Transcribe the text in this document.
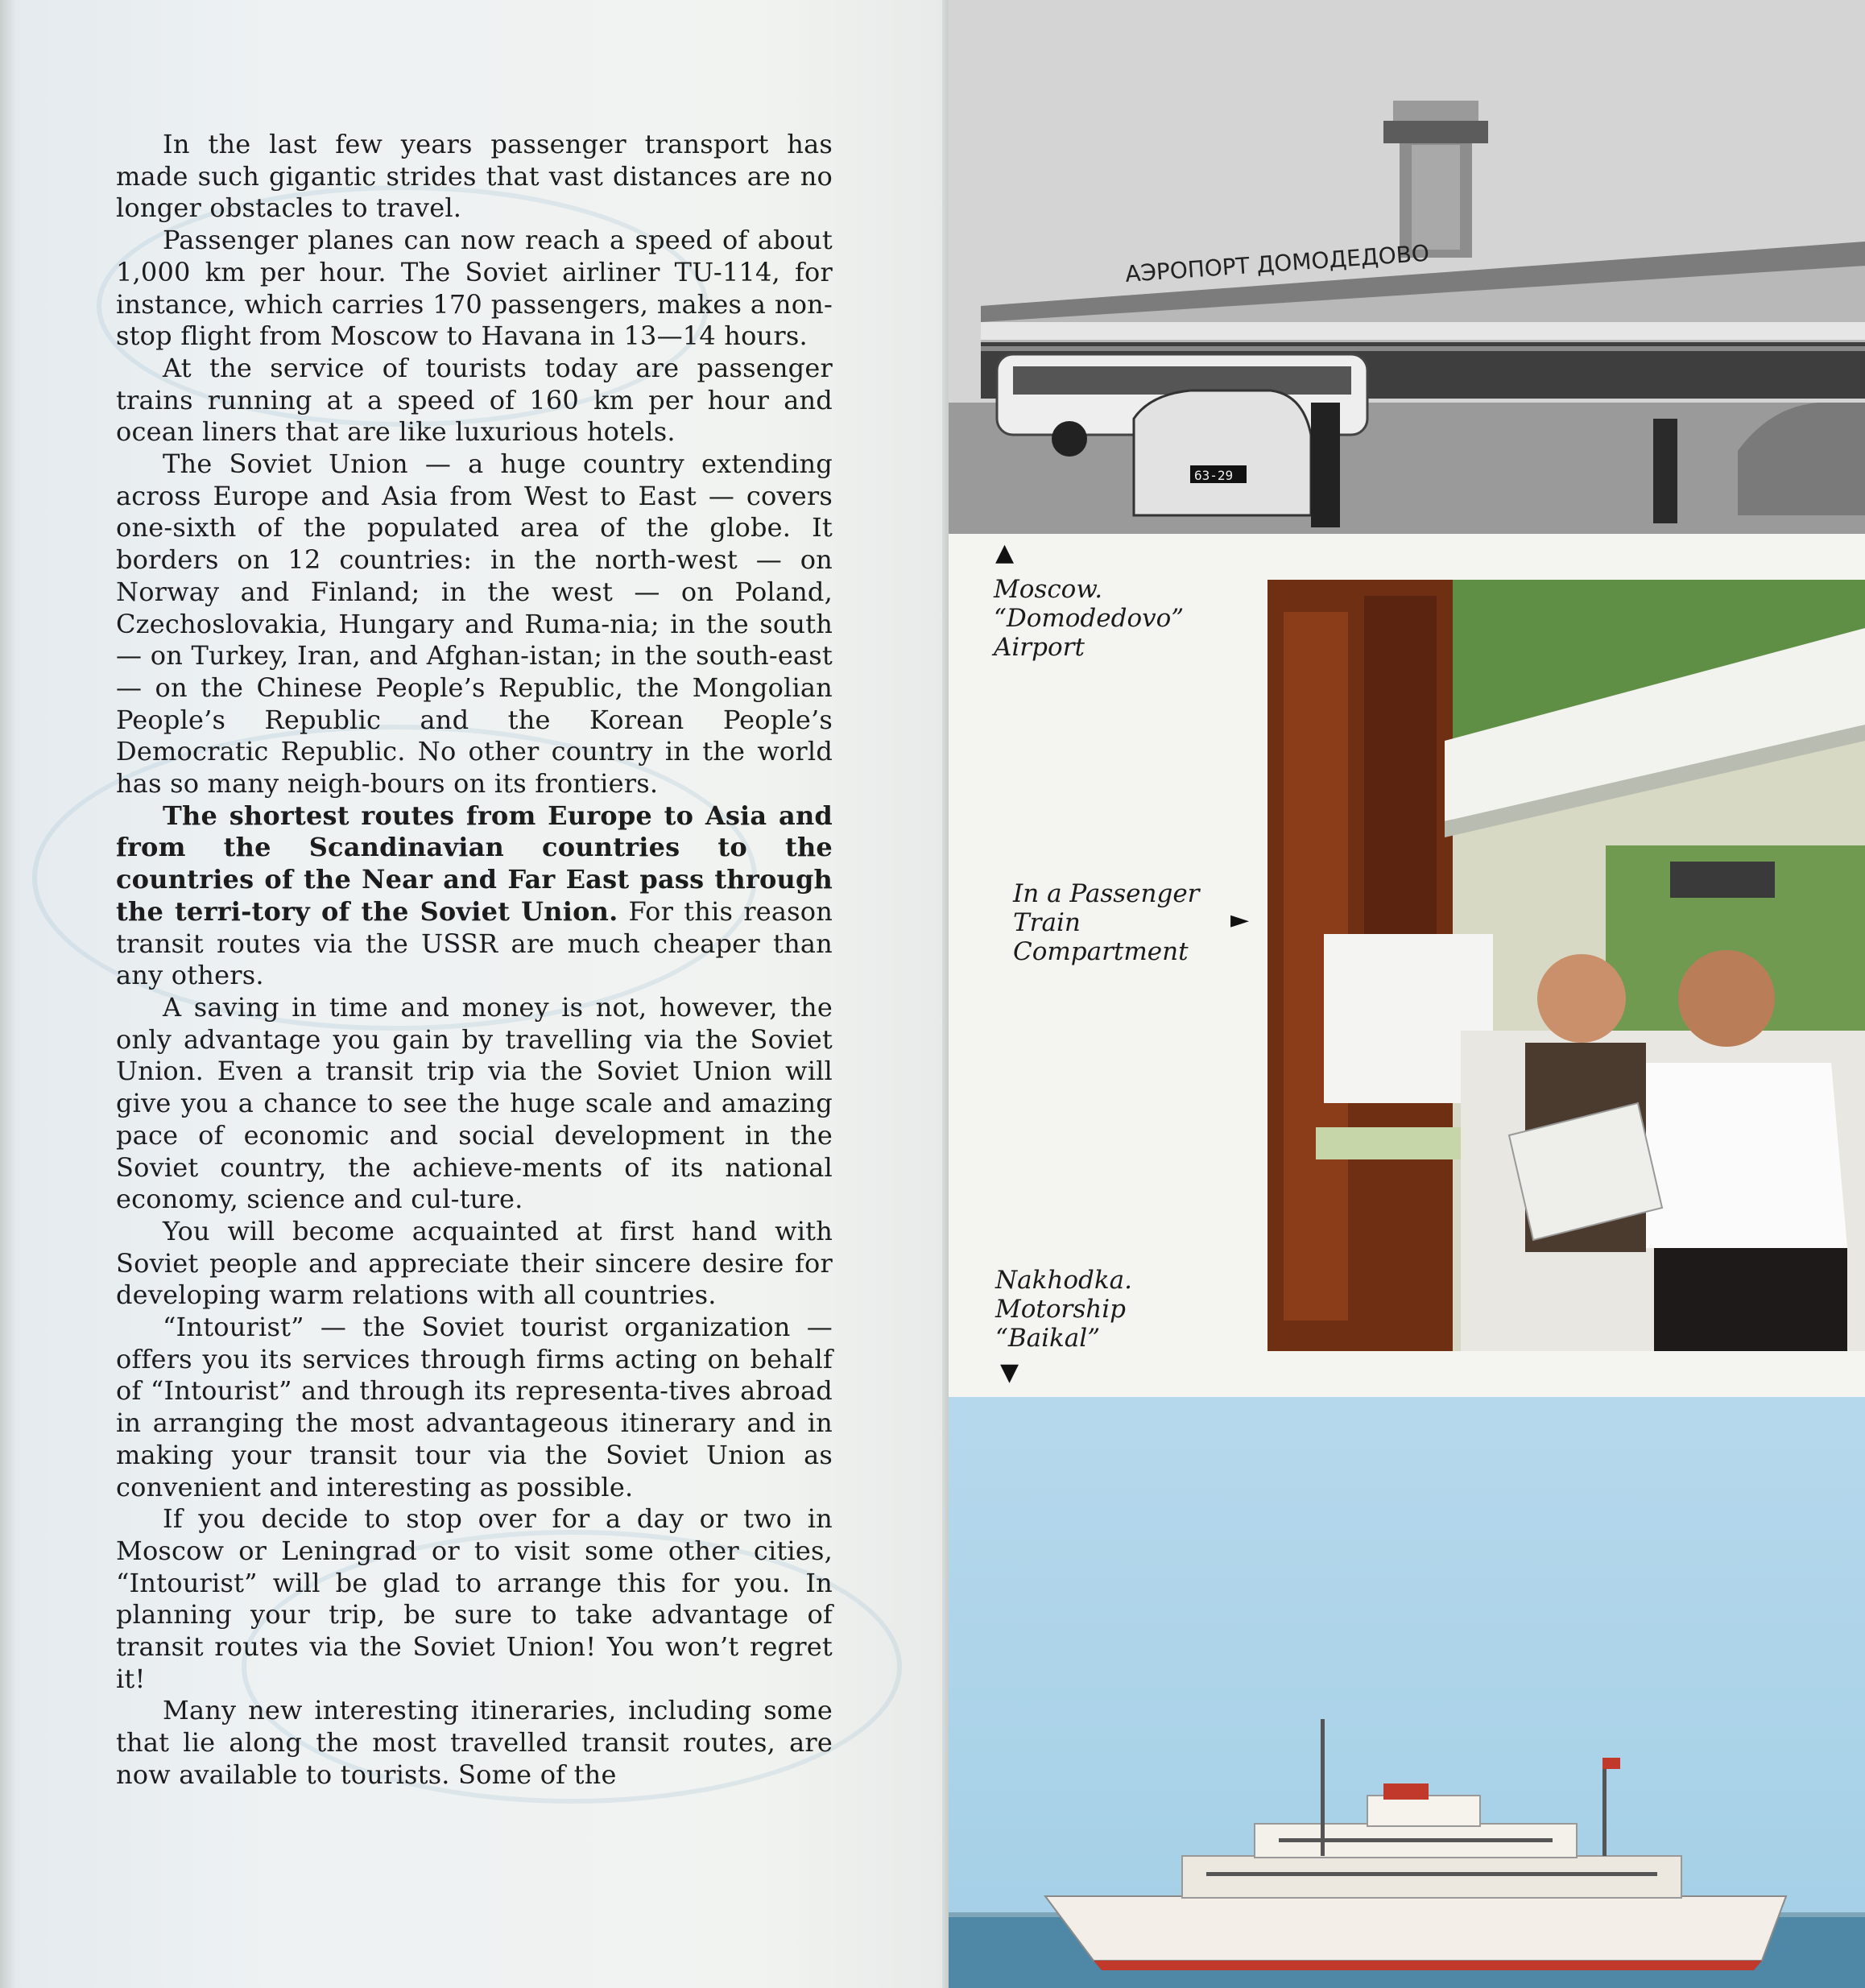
In the last few years passenger transport has made such gigantic strides that vast distances are no longer obstacles to travel.

Passenger planes can now reach a speed of about 1,000 km per hour. The Soviet airliner TU-114, for instance, which carries 170 passengers, makes a non-stop flight from Moscow to Havana in 13—14 hours.

At the service of tourists today are passenger trains running at a speed of 160 km per hour and ocean liners that are like luxurious hotels.

The Soviet Union — a huge country extending across Europe and Asia from West to East — covers one-sixth of the populated area of the globe. It borders on 12 countries: in the north-west — on Norway and Finland; in the west — on Poland, Czechoslovakia, Hungary and Ruma-nia; in the south — on Turkey, Iran, and Afghan-istan; in the south-east — on the Chinese People’s Republic, the Mongolian People’s Republic and the Korean People’s Democratic Republic. No other country in the world has so many neigh-bours on its frontiers.

The shortest routes from Europe to Asia and from the Scandinavian countries to the countries of the Near and Far East pass through the terri-tory of the Soviet Union. For this reason transit routes via the USSR are much cheaper than any others.

A saving in time and money is not, however, the only advantage you gain by travelling via the Soviet Union. Even a transit trip via the Soviet Union will give you a chance to see the huge scale and amazing pace of economic and social development in the Soviet country, the achieve-ments of its national economy, science and cul-ture.

You will become acquainted at first hand with Soviet people and appreciate their sincere desire for developing warm relations with all countries.

“Intourist” — the Soviet tourist organization — offers you its services through firms acting on behalf of “Intourist” and through its representa-tives abroad in arranging the most advantageous itinerary and in making your transit tour via the Soviet Union as convenient and interesting as possible.

If you decide to stop over for a day or two in Moscow or Leningrad or to visit some other cities, “Intourist” will be glad to arrange this for you. In planning your trip, be sure to take advantage of transit routes via the Soviet Union! You won’t regret it!

Many new interesting itineraries, including some that lie along the most travelled transit routes, are now available to tourists. Some of the

АЭРОПОРТ ДОМОДЕДОВО
63-29
▲
Moscow.
“Domodedovo”
Airport
In a Passenger
Train
Compartment
►
Nakhodka.
Motorship
“Baikal”
▼
